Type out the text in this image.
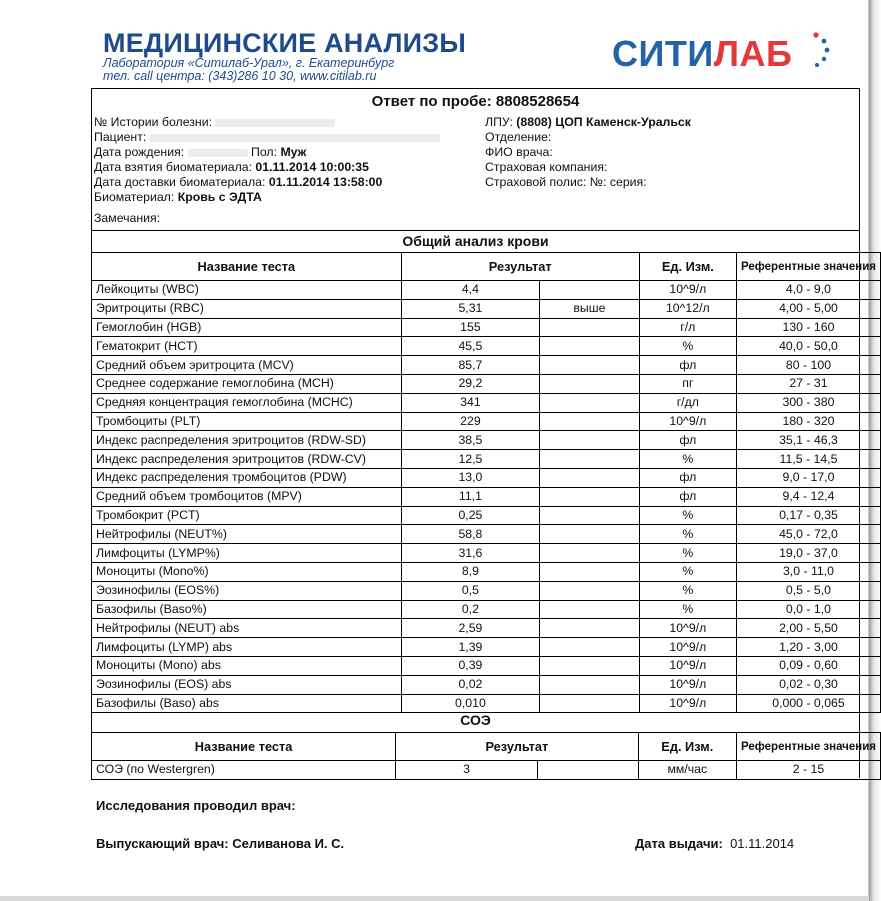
МЕДИЦИНСКИЕ АНАЛИЗЫ
Лаборатория «Ситилаб-Урал», г. Екатеринбург
тел. call центра: (343)286 10 30, www.citilab.ru
СИТИЛАБ
Ответ по пробе: 8808528654
№ Истории болезни:
Пациент:
Дата рождения:	Пол: Муж
Дата взятия биоматериала: 01.11.2014 10:00:35
Дата доставки биоматериала: 01.11.2014 13:58:00
Биоматериал: Кровь с ЭДТА
Замечания:
ЛПУ: (8808) ЦОП Каменск-Уральск
Отделение:
ФИО врача:
Страховая компания:
Страховой полис: №: серия:
Общий анализ крови
Название теста	Результат		Ед. Изм.	Референтные значения

Лейкоциты (WBC)	4,4		10^9/л	4,0 - 9,0
Эритроциты (RBC)	5,31	выше	10^12/л	4,00 - 5,00
Гемоглобин (HGB)	155		г/л	130 - 160
Гематокрит (HCT)	45,5		%	40,0 - 50,0
Средний объем эритроцита (MCV)	85,7		фл	80 - 100
Среднее содержание гемоглобина (MCH)	29,2		пг	27 - 31
Средняя концентрация гемоглобина (MCHC)	341		г/дл	300 - 380
Тромбоциты (PLT)	229		10^9/л	180 - 320
Индекс распределения эритроцитов (RDW-SD)	38,5		фл	35,1 - 46,3
Индекс распределения эритроцитов (RDW-CV)	12,5		%	11,5 - 14,5
Индекс распределения тромбоцитов (PDW)	13,0		фл	9,0 - 17,0
Средний объем тромбоцитов (MPV)	11,1		фл	9,4 - 12,4
Тромбокрит (PCT)	0,25		%	0,17 - 0,35
Нейтрофилы (NEUT%)	58,8		%	45,0 - 72,0
Лимфоциты (LYMP%)	31,6		%	19,0 - 37,0
Моноциты (Mono%)	8,9		%	3,0 - 11,0
Эозинофилы (EOS%)	0,5		%	0,5 - 5,0
Базофилы (Baso%)	0,2		%	0,0 - 1,0
Нейтрофилы (NEUT) abs	2,59		10^9/л	2,00 - 5,50
Лимфоциты (LYMP) abs	1,39		10^9/л	1,20 - 3,00
Моноциты (Mono) abs	0,39		10^9/л	0,09 - 0,60
Эозинофилы (EOS) abs	0,02		10^9/л	0,02 - 0,30
Базофилы (Baso) abs	0,010		10^9/л	0,000 - 0,065
СОЭ
Название теста	Результат		Ед. Изм.	Референтные значения

СОЭ (по Westergren)	3		мм/час	2 - 15
Исследования проводил врач:
Выпускающий врач: Селиванова И. С.	Дата выдачи: 01.11.2014
